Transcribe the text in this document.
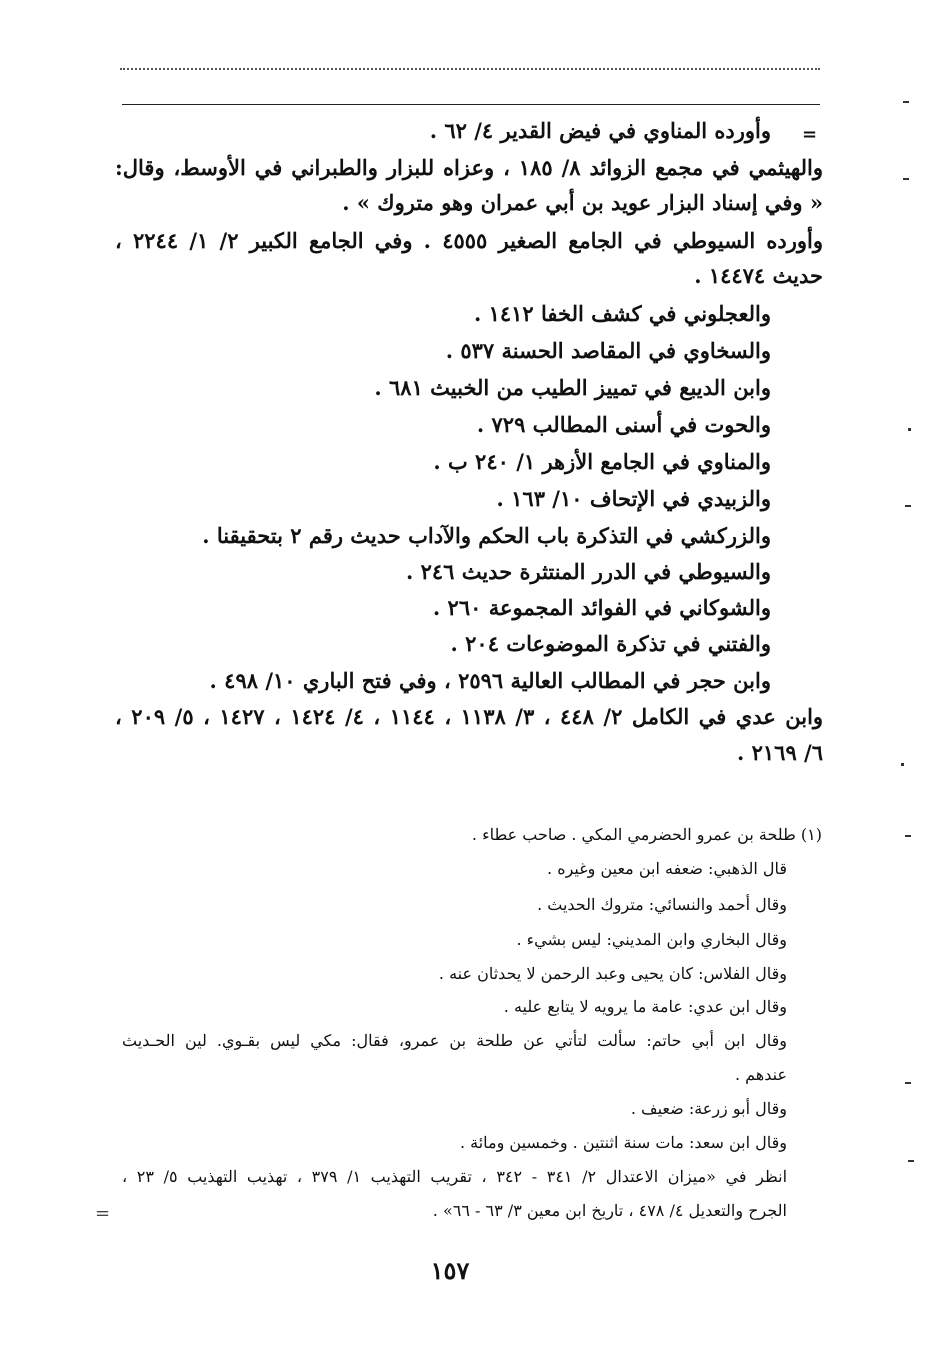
=
وأورده المناوي في فيض القدير ٤/ ٦٢ .
والهيثمي في مجمع الزوائد ٨/ ١٨٥ ، وعزاه للبزار والطبراني في الأوسط، وقال:
« وفي إسناد البزار عويد بن أبي عمران وهو متروك » .
وأورده السيوطي في الجامع الصغير ٤٥٥٥ . وفي الجامع الكبير ٢/ ١/ ٢٢٤٤ ،
حديث ١٤٤٧٤ .
والعجلوني في كشف الخفا ١٤١٢ .
والسخاوي في المقاصد الحسنة ٥٣٧ .
وابن الديبع في تمييز الطيب من الخبيث ٦٨١ .
والحوت في أسنى المطالب ٧٢٩ .
والمناوي في الجامع الأزهر ١/ ٢٤٠ ب .
والزبيدي في الإتحاف ١٠/ ١٦٣ .
والزركشي في التذكرة باب الحكم والآداب حديث رقم ٢ بتحقيقنا .
والسيوطي في الدرر المنتثرة حديث ٢٤٦ .
والشوكاني في الفوائد المجموعة ٢٦٠ .
والفتني في تذكرة الموضوعات ٢٠٤ .
وابن حجر في المطالب العالية ٢٥٩٦ ، وفي فتح الباري ١٠/ ٤٩٨ .
وابن عدي في الكامل ٢/ ٤٤٨ ، ٣/ ١١٣٨ ، ١١٤٤ ، ٤/ ١٤٢٤ ، ١٤٢٧ ، ٥/ ٢٠٩ ،
٦/ ٢١٦٩ .
(١) طلحة بن عمرو الحضرمي المكي . صاحب عطاء .
قال الذهبي: ضعفه ابن معين وغيره .
وقال أحمد والنسائي: متروك الحديث .
وقال البخاري وابن المديني: ليس بشيء .
وقال الفلاس: كان يحيى وعبد الرحمن لا يحدثان عنه .
وقال ابن عدي: عامة ما يرويه لا يتابع عليه .
وقال ابن أبي حاتم: سألت لتأتي عن طلحة بن عمرو، فقال: مكي ليس بقـوي. لين الحـديث
عندهم .
وقال أبو زرعة: ضعيف .
وقال ابن سعد: مات سنة اثنتين . وخمسين ومائة .
انظر في «ميزان الاعتدال ٢/ ٣٤١ - ٣٤٢ ، تقريب التهذيب ١/ ٣٧٩ ، تهذيب التهذيب ٥/ ٢٣ ،
الجرح والتعديل ٤/ ٤٧٨ ، تاريخ ابن معين ٣/ ٦٣ - ٦٦» .
=
١٥٧
